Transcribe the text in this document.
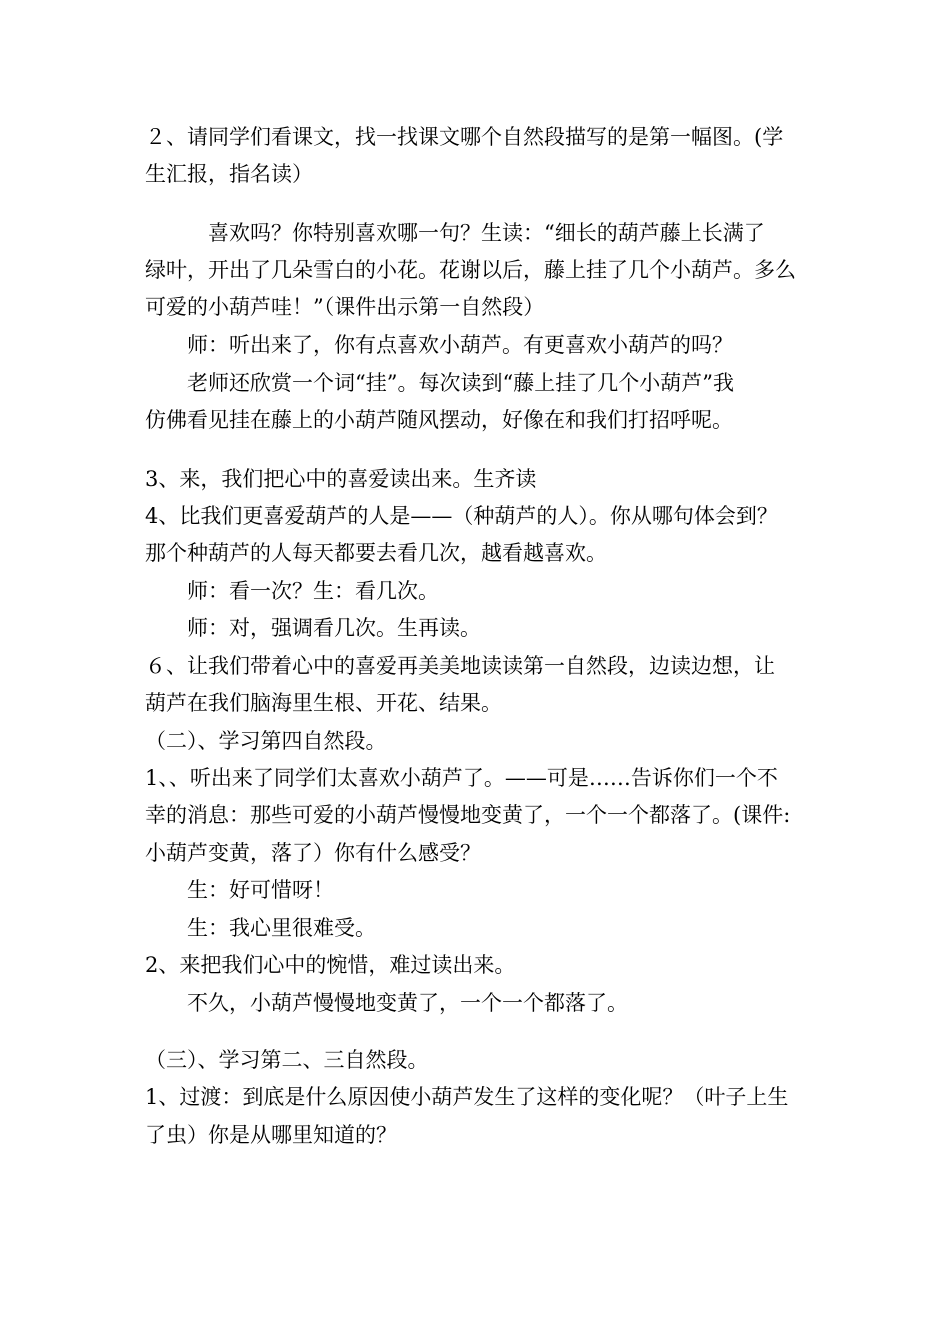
２、请同学们看课文，找一找课文哪个自然段描写的是第一幅图。(学
生汇报，指名读）
　　　喜欢吗？你特别喜欢哪一句？生读：“细长的葫芦藤上长满了
绿叶，开出了几朵雪白的小花。花谢以后，藤上挂了几个小葫芦。多么
可爱的小葫芦哇！”（课件出示第一自然段）
　　师：听出来了，你有点喜欢小葫芦。有更喜欢小葫芦的吗？
　　老师还欣赏一个词“挂”。每次读到“藤上挂了几个小葫芦”我
仿佛看见挂在藤上的小葫芦随风摆动，好像在和我们打招呼呢。
3、来，我们把心中的喜爱读出来。生齐读
4、比我们更喜爱葫芦的人是——（种葫芦的人）。你从哪句体会到？
那个种葫芦的人每天都要去看几次，越看越喜欢。
　　师：看一次？生：看几次。
　　师：对，强调看几次。生再读。
６、让我们带着心中的喜爱再美美地读读第一自然段，边读边想，让
葫芦在我们脑海里生根、开花、结果。
（二）、学习第四自然段。
1、、听出来了同学们太喜欢小葫芦了。——可是……告诉你们一个不
幸的消息：那些可爱的小葫芦慢慢地变黄了，一个一个都落了。(课件:
小葫芦变黄，落了）你有什么感受？
　　生：好可惜呀！
　　生：我心里很难受。
2、来把我们心中的惋惜，难过读出来。
　　不久，小葫芦慢慢地变黄了，一个一个都落了。
（三）、学习第二、三自然段。
1、过渡：到底是什么原因使小葫芦发生了这样的变化呢？（叶子上生
了虫）你是从哪里知道的？
